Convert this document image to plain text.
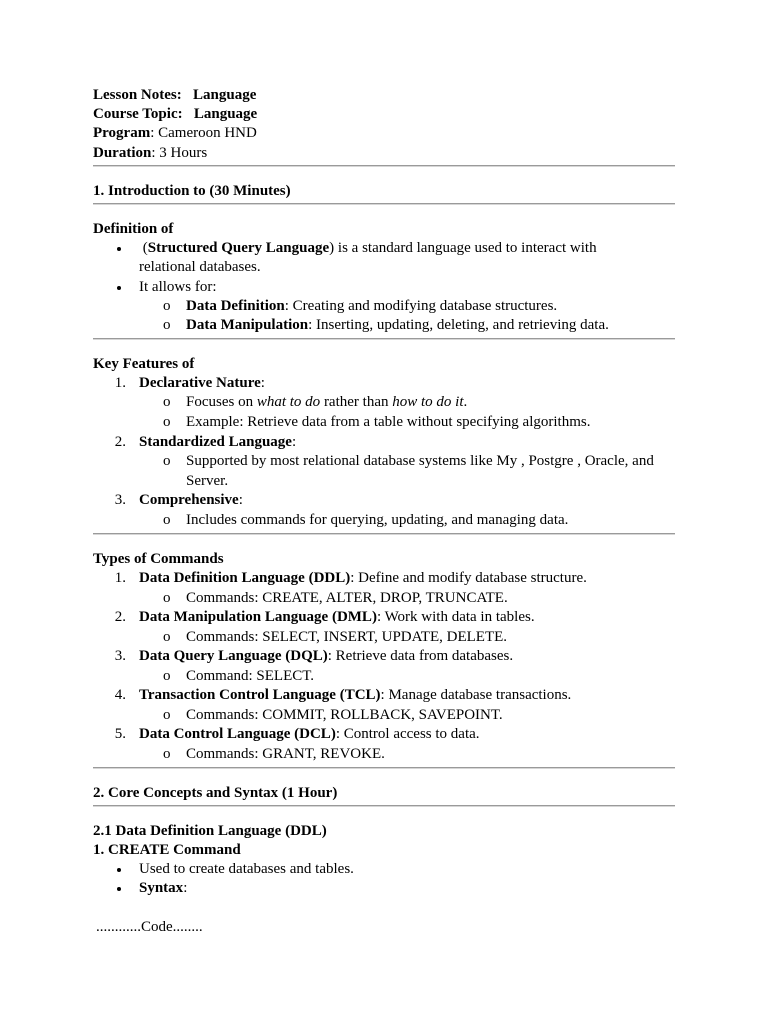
Lesson Notes: Language
Course Topic: Language
Program: Cameroon HND
Duration: 3 Hours
1. Introduction to (30 Minutes)
Definition of
(Structured Query Language) is a standard language used to interact with
relational databases.
It allows for:
o Data Definition: Creating and modifying database structures.
o Data Manipulation: Inserting, updating, deleting, and retrieving data.
Key Features of
1. Declarative Nature:
o Focuses on what to do rather than how to do it.
o Example: Retrieve data from a table without specifying algorithms.
2. Standardized Language:
o Supported by most relational database systems like My , Postgre , Oracle, and
Server.
3. Comprehensive:
o Includes commands for querying, updating, and managing data.
Types of Commands
1. Data Definition Language (DDL): Define and modify database structure.
o Commands: CREATE, ALTER, DROP, TRUNCATE.
2. Data Manipulation Language (DML): Work with data in tables.
o Commands: SELECT, INSERT, UPDATE, DELETE.
3. Data Query Language (DQL): Retrieve data from databases.
o Command: SELECT.
4. Transaction Control Language (TCL): Manage database transactions.
o Commands: COMMIT, ROLLBACK, SAVEPOINT.
5. Data Control Language (DCL): Control access to data.
o Commands: GRANT, REVOKE.
2. Core Concepts and Syntax (1 Hour)
2.1 Data Definition Language (DDL)
1. CREATE Command
Used to create databases and tables.
Syntax:
............Code........
